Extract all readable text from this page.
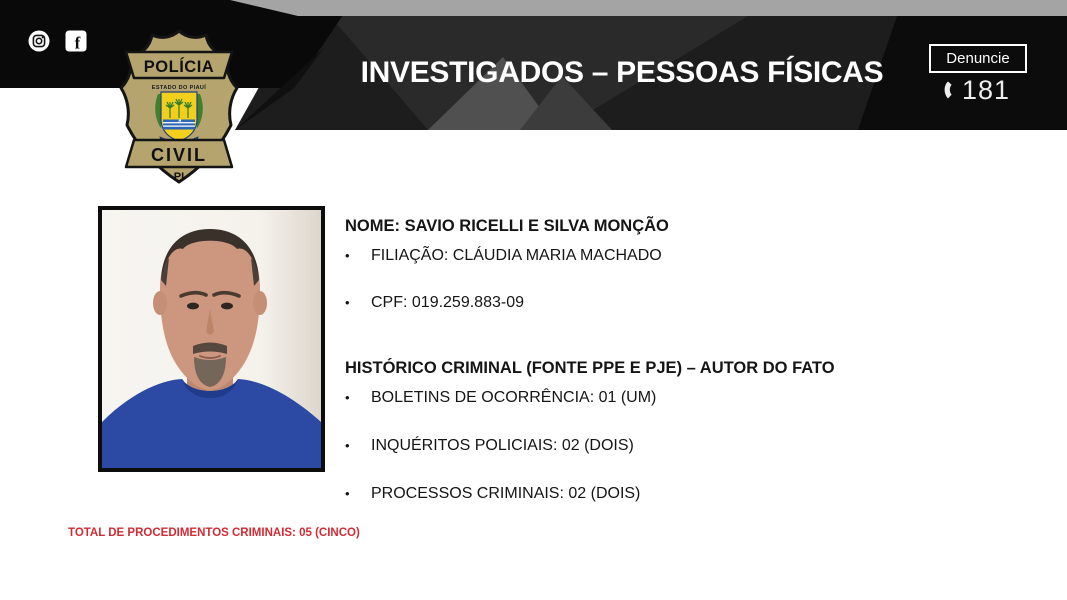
f
INVESTIGADOS – PESSOAS FÍSICAS	Denuncie
181
ESTADO DO PIAUÍ
POLÍCIA
CIVIL
PI

NOME: SAVIO RICELLI E SILVA MONÇÃO

•	FILIAÇÃO: CLÁUDIA MARIA MACHADO
•	CPF: 019.259.883-09

HISTÓRICO CRIMINAL (FONTE PPE E PJE) – AUTOR DO FATO

•	BOLETINS DE OCORRÊNCIA: 01 (UM)
•	INQUÉRITOS POLICIAIS: 02 (DOIS)
•	PROCESSOS CRIMINAIS: 02 (DOIS)

TOTAL DE PROCEDIMENTOS CRIMINAIS: 05 (CINCO)
